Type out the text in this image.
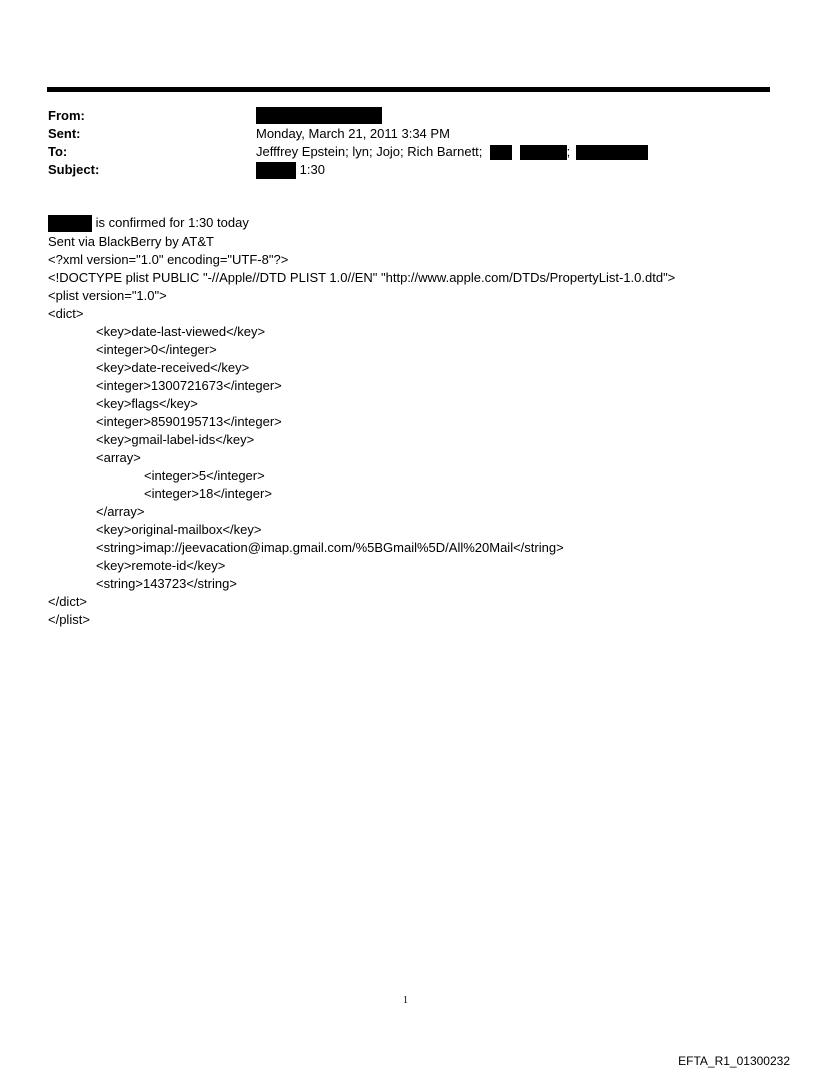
From:
Sent:	Monday, March 21, 2011 3:34 PM
To:	Jefffrey Epstein; lyn; Jojo; Rich Barnett;	;
Subject:	1:30
is confirmed for 1:30 today
Sent via BlackBerry by AT&T
<?xml version="1.0" encoding="UTF-8"?>
<!DOCTYPE plist PUBLIC "-//Apple//DTD PLIST 1.0//EN" "http://www.apple.com/DTDs/PropertyList-1.0.dtd">
<plist version="1.0">
<dict>
<key>date-last-viewed</key>
<integer>0</integer>
<key>date-received</key>
<integer>1300721673</integer>
<key>flags</key>
<integer>8590195713</integer>
<key>gmail-label-ids</key>
<array>
<integer>5</integer>
<integer>18</integer>
</array>
<key>original-mailbox</key>
<string>imap://jeevacation@imap.gmail.com/%5BGmail%5D/All%20Mail</string>
<key>remote-id</key>
<string>143723</string>
</dict>
</plist>
1
EFTA_R1_01300232
